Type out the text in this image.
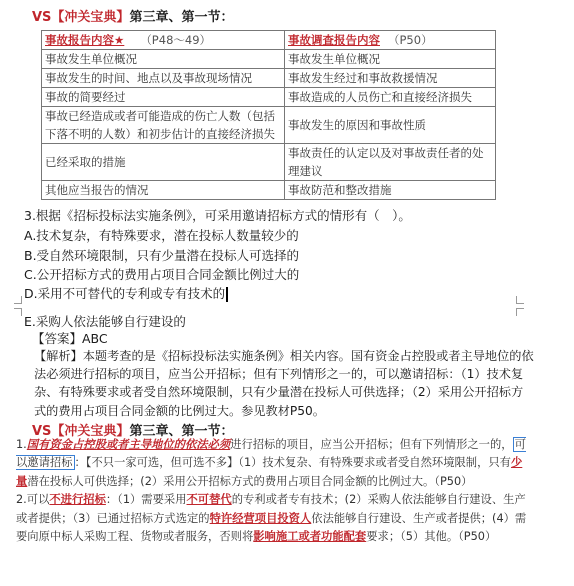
VS【冲关宝典】第三章、第一节：
事故报告内容★ （P48～49）	事故调查报告内容 （P50）
事故发生单位概况	事故发生单位概况
事故发生的时间、地点以及事故现场情况	事故发生经过和事故救援情况
事故的简要经过	事故造成的人员伤亡和直接经济损失
事故已经造成或者可能造成的伤亡人数（包括下落不明的人数）和初步估计的直接经济损失	事故发生的原因和事故性质
已经采取的措施	事故责任的认定以及对事故责任者的处理建议
其他应当报告的情况	事故防范和整改措施
3.根据《招标投标法实施条例》，可采用邀请招标方式的情形有（　）。
A.技术复杂，有特殊要求，潜在投标人数量较少的
B.受自然环境限制，只有少量潜在投标人可选择的
C.公开招标方式的费用占项目合同金额比例过大的
D.采用不可替代的专利或专有技术的
E.采购人依法能够自行建设的
【答案】ABC
【解析】本题考查的是《招标投标法实施条例》相关内容。国有资金占控股或者主导地位的依法必须进行招标的项目，应当公开招标；但有下列情形之一的，可以邀请招标：（1）技术复杂、有特殊要求或者受自然环境限制，只有少量潜在投标人可供选择；（2）采用公开招标方式的费用占项目合同金额的比例过大。参见教材P50。
VS【冲关宝典】第三章、第一节：

1.国有资金占控股或者主导地位的依法必须进行招标的项目，应当公开招标；但有下列情形之一的， 可以邀请招标 ：【不只一家可选，但可选不多】（1）技术复杂、有特殊要求或者受自然环境限制，只有少量潜在投标人可供选择；(2）采用公开招标方式的费用占项目合同金额的比例过大。（P50）

2.可以不进行招标：（1）需要采用不可替代的专利或者专有技术；(2）采购人依法能够自行建设、生产或者提供；（3）已通过招标方式选定的特许经营项目投资人依法能够自行建设、生产或者提供；(4）需要向原中标人采购工程、货物或者服务，否则将影响施工或者功能配套要求；（5）其他。（P50）
